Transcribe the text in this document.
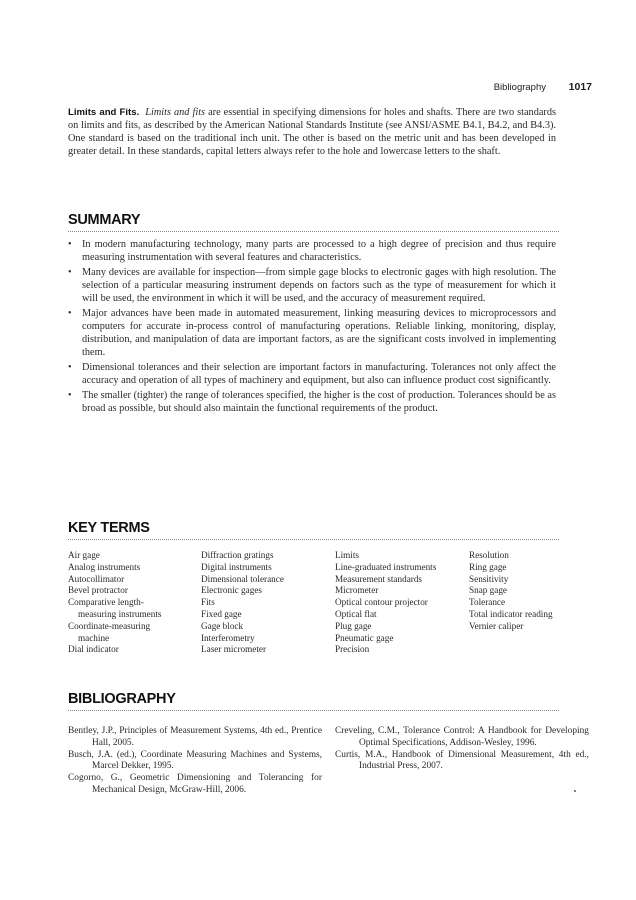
Bibliography 1017

Limits and Fits. Limits and fits are essential in specifying dimensions for holes and shafts. There are two standards on limits and fits, as described by the American National Standards Institute (see ANSI/ASME B4.1, B4.2, and B4.3). One standard is based on the traditional inch unit. The other is based on the metric unit and has been developed in greater detail. In these standards, capital letters always refer to the hole and lowercase letters to the shaft.

SUMMARY
• In modern manufacturing technology, many parts are processed to a high degree of precision and thus require measuring instrumentation with several features and characteristics.
• Many devices are available for inspection—from simple gage blocks to electronic gages with high resolution. The selection of a particular measuring instrument depends on factors such as the type of measurement for which it will be used, the environment in which it will be used, and the accuracy of measurement required.
• Major advances have been made in automated measurement, linking measuring devices to microprocessors and computers for accurate in-process control of manufacturing operations. Reliable linking, monitoring, display, distribution, and manipulation of data are important factors, as are the significant costs involved in implementing them.
• Dimensional tolerances and their selection are important factors in manufacturing. Tolerances not only affect the accuracy and operation of all types of machinery and equipment, but also can influence product cost significantly.
• The smaller (tighter) the range of tolerances specified, the higher is the cost of production. Tolerances should be as broad as possible, but should also maintain the functional requirements of the product.
KEY TERMS
Air gage
Analog instruments
Autocollimator
Bevel protractor
Comparative length-
measuring instruments
Coordinate-measuring
machine
Dial indicator
Diffraction gratings
Digital instruments
Dimensional tolerance
Electronic gages
Fits
Fixed gage
Gage block
Interferometry
Laser micrometer
Limits
Line-graduated instruments
Measurement standards
Micrometer
Optical contour projector
Optical flat
Plug gage
Pneumatic gage
Precision
Resolution
Ring gage
Sensitivity
Snap gage
Tolerance
Total indicator reading
Vernier caliper
BIBLIOGRAPHY
Bentley, J.P., Principles of Measurement Systems, 4th ed., Prentice Hall, 2005.
Busch, J.A. (ed.), Coordinate Measuring Machines and Systems, Marcel Dekker, 1995.
Cogorno, G., Geometric Dimensioning and Tolerancing for Mechanical Design, McGraw-Hill, 2006.
Creveling, C.M., Tolerance Control: A Handbook for Developing Optimal Specifications, Addison-Wesley, 1996.
Curtis, M.A., Handbook of Dimensional Measurement, 4th ed., Industrial Press, 2007.
